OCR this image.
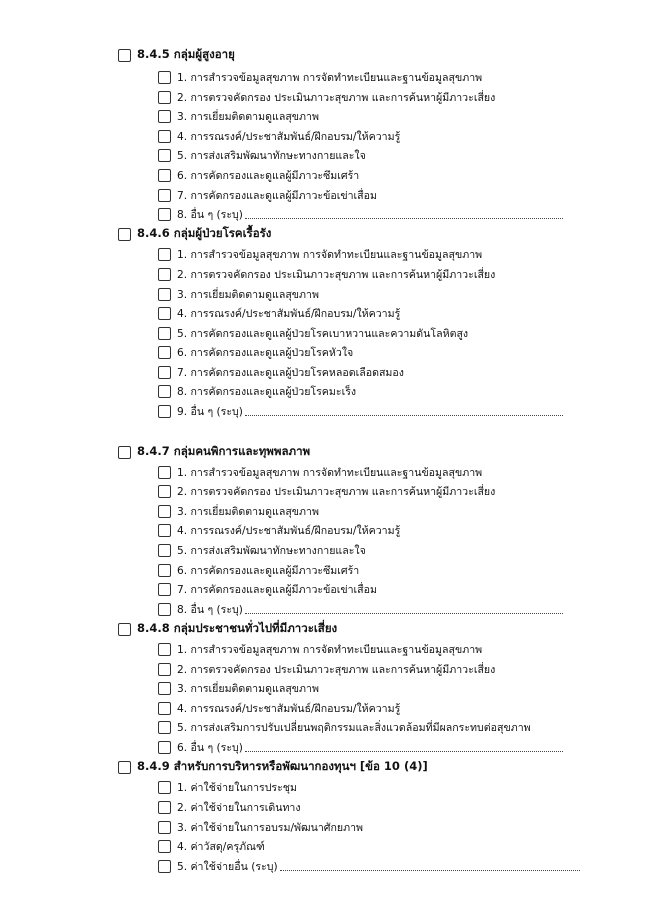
8.4.5 กลุ่มผู้สูงอายุ
1. การสำรวจข้อมูลสุขภาพ การจัดทำทะเบียนและฐานข้อมูลสุขภาพ
2. การตรวจคัดกรอง ประเมินภาวะสุขภาพ และการค้นหาผู้มีภาวะเสี่ยง
3. การเยี่ยมติดตามดูแลสุขภาพ
4. การรณรงค์/ประชาสัมพันธ์/ฝึกอบรม/ให้ความรู้
5. การส่งเสริมพัฒนาทักษะทางกายและใจ
6. การคัดกรองและดูแลผู้มีภาวะซึมเศร้า
7. การคัดกรองและดูแลผู้มีภาวะข้อเข่าเสื่อม
8. อื่น ๆ (ระบุ)
8.4.6 กลุ่มผู้ป่วยโรคเรื้อรัง
1. การสำรวจข้อมูลสุขภาพ การจัดทำทะเบียนและฐานข้อมูลสุขภาพ
2. การตรวจคัดกรอง ประเมินภาวะสุขภาพ และการค้นหาผู้มีภาวะเสี่ยง
3. การเยี่ยมติดตามดูแลสุขภาพ
4. การรณรงค์/ประชาสัมพันธ์/ฝึกอบรม/ให้ความรู้
5. การคัดกรองและดูแลผู้ป่วยโรคเบาหวานและความดันโลหิตสูง
6. การคัดกรองและดูแลผู้ป่วยโรคหัวใจ
7. การคัดกรองและดูแลผู้ป่วยโรคหลอดเลือดสมอง
8. การคัดกรองและดูแลผู้ป่วยโรคมะเร็ง
9. อื่น ๆ (ระบุ)
8.4.7 กลุ่มคนพิการและทุพพลภาพ
1. การสำรวจข้อมูลสุขภาพ การจัดทำทะเบียนและฐานข้อมูลสุขภาพ
2. การตรวจคัดกรอง ประเมินภาวะสุขภาพ และการค้นหาผู้มีภาวะเสี่ยง
3. การเยี่ยมติดตามดูแลสุขภาพ
4. การรณรงค์/ประชาสัมพันธ์/ฝึกอบรม/ให้ความรู้
5. การส่งเสริมพัฒนาทักษะทางกายและใจ
6. การคัดกรองและดูแลผู้มีภาวะซึมเศร้า
7. การคัดกรองและดูแลผู้มีภาวะข้อเข่าเสื่อม
8. อื่น ๆ (ระบุ)
8.4.8 กลุ่มประชาชนทั่วไปที่มีภาวะเสี่ยง
1. การสำรวจข้อมูลสุขภาพ การจัดทำทะเบียนและฐานข้อมูลสุขภาพ
2. การตรวจคัดกรอง ประเมินภาวะสุขภาพ และการค้นหาผู้มีภาวะเสี่ยง
3. การเยี่ยมติดตามดูแลสุขภาพ
4. การรณรงค์/ประชาสัมพันธ์/ฝึกอบรม/ให้ความรู้
5. การส่งเสริมการปรับเปลี่ยนพฤติกรรมและสิ่งแวดล้อมที่มีผลกระทบต่อสุขภาพ
6. อื่น ๆ (ระบุ)
8.4.9 สำหรับการบริหารหรือพัฒนากองทุนฯ [ข้อ 10 (4)]
1. ค่าใช้จ่ายในการประชุม
2. ค่าใช้จ่ายในการเดินทาง
3. ค่าใช้จ่ายในการอบรม/พัฒนาศักยภาพ
4. ค่าวัสดุ/ครุภัณฑ์
5. ค่าใช้จ่ายอื่น (ระบุ)
